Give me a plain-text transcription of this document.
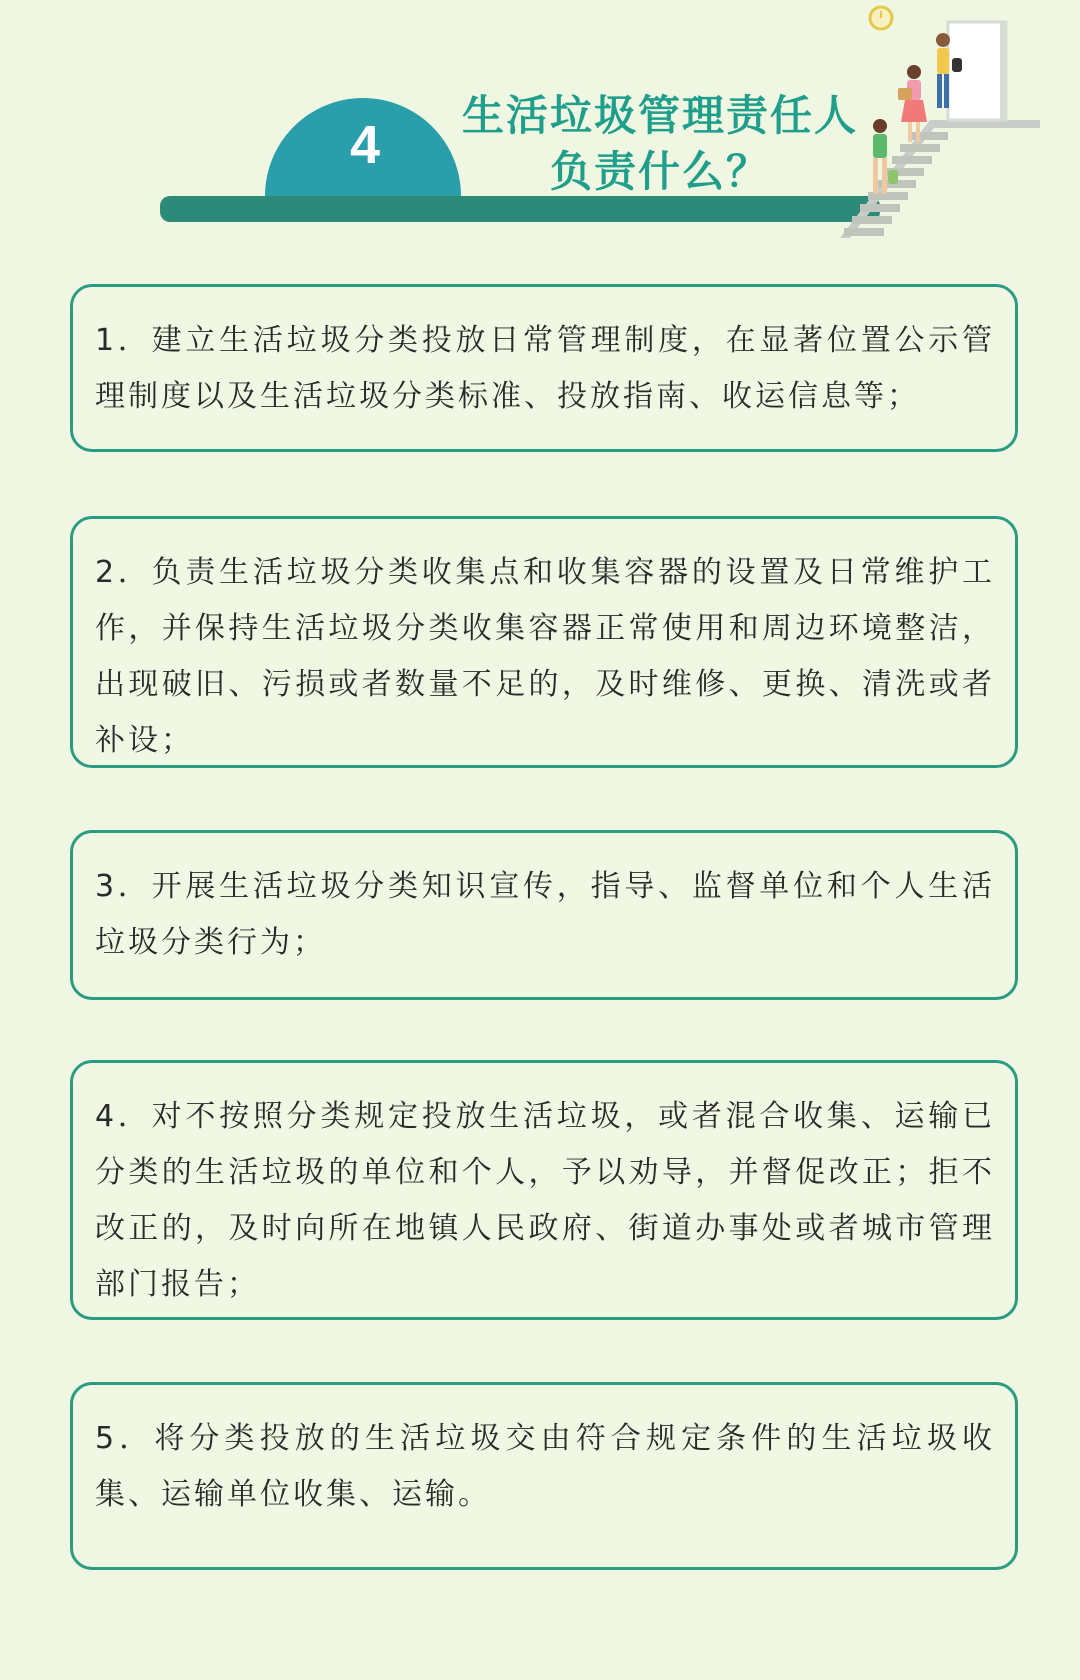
4	生活垃圾管理责任人
负责什么？

1．建立生活垃圾分类投放日常管理制度，在显著位置公示管理制度以及生活垃圾分类标准、投放指南、收运信息等；

2．负责生活垃圾分类收集点和收集容器的设置及日常维护工作，并保持生活垃圾分类收集容器正常使用和周边环境整洁，出现破旧、污损或者数量不足的，及时维修、更换、清洗或者补设；

3．开展生活垃圾分类知识宣传，指导、监督单位和个人生活垃圾分类行为；

4．对不按照分类规定投放生活垃圾，或者混合收集、运输已分类的生活垃圾的单位和个人，予以劝导，并督促改正；拒不改正的，及时向所在地镇人民政府、街道办事处或者城市管理部门报告；

5．将分类投放的生活垃圾交由符合规定条件的生活垃圾收集、运输单位收集、运输。
